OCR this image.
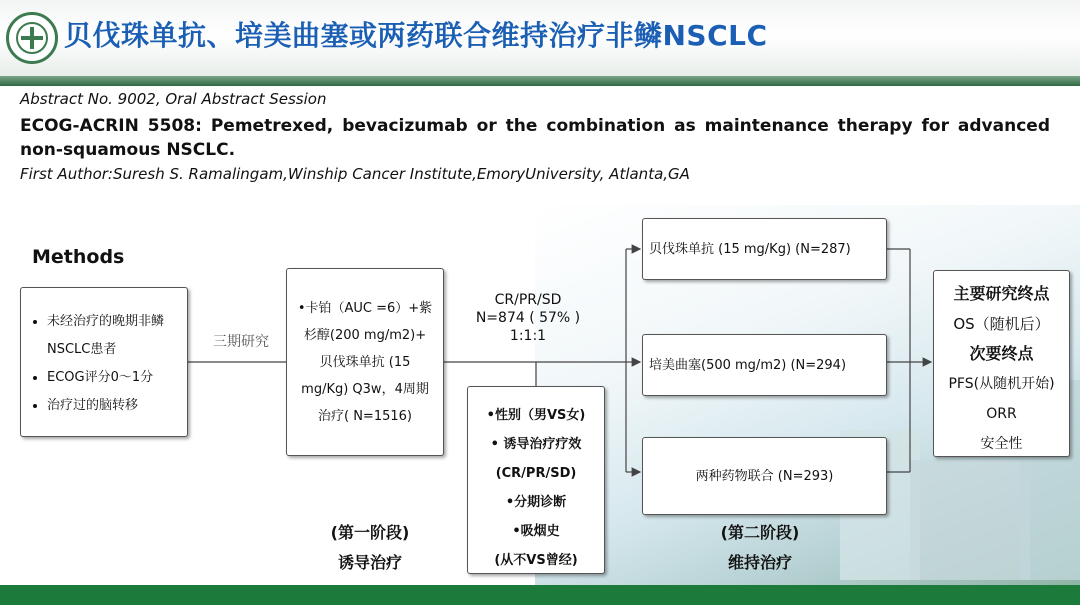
贝伐珠单抗、培美曲塞或两药联合维持治疗非鳞NSCLC
Abstract No. 9002, Oral Abstract Session
ECOG-ACRIN 5508: Pemetrexed, bevacizumab or the combination as maintenance therapy for advanced non-squamous NSCLC.
First Author:Suresh S. Ramalingam,Winship Cancer Institute,EmoryUniversity, Atlanta,GA
Methods
• 未经治疗的晚期非鳞NSCLC患者
• ECOG评分0～1分
• 治疗过的脑转移
三期研究
•卡铂（AUC =6）+紫
杉醇(200 mg/m2)+
贝伐珠单抗 (15
mg/Kg) Q3w，4周期
治疗( N=1516)
CR/PR/SD
N=874 ( 57% )
1:1:1
•性别（男VS女)
• 诱导治疗疗效
(CR/PR/SD)
•分期诊断
•吸烟史
(从不VS曾经)
贝伐珠单抗 (15 mg/Kg) (N=287)
培美曲塞(500 mg/m2) (N=294)
两种药物联合 (N=293)
主要研究终点
OS（随机后）
次要终点
PFS(从随机开始)
ORR
安全性
(第一阶段)
诱导治疗
(第二阶段)
维持治疗
